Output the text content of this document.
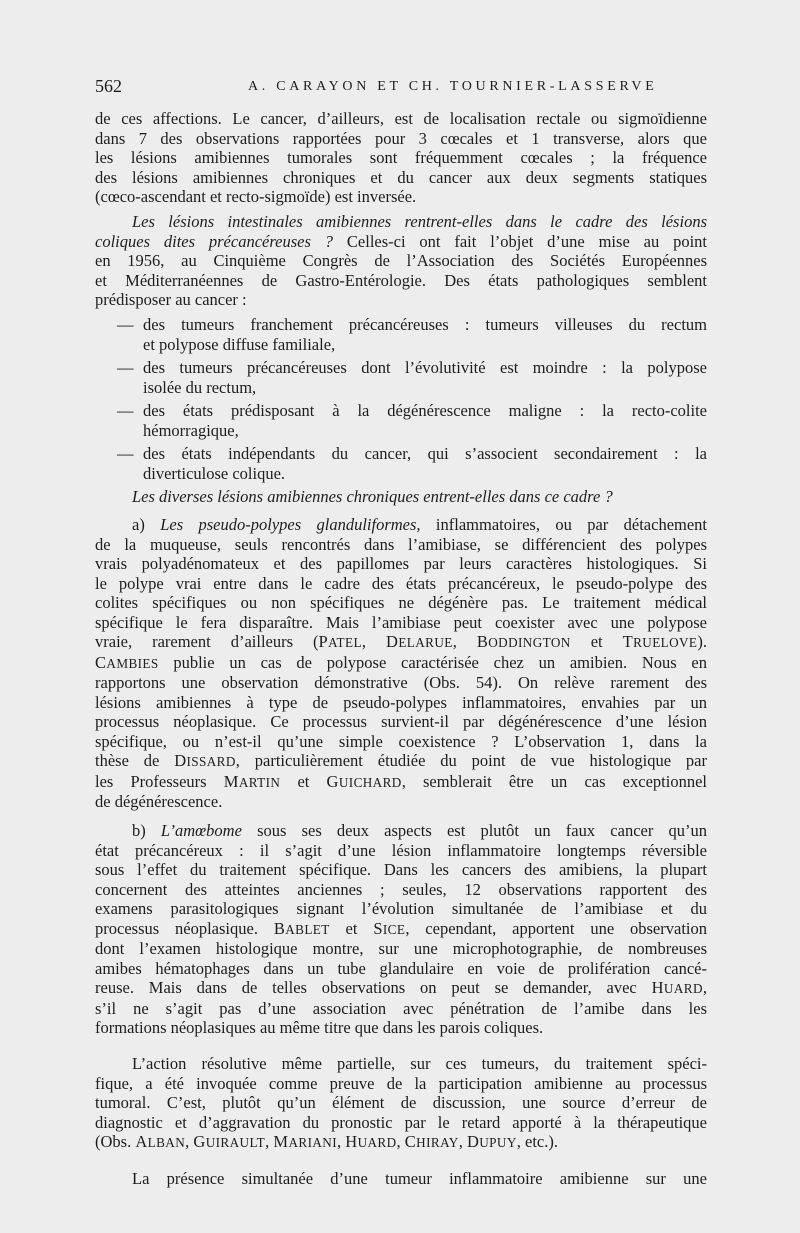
562	A. CARAYON ET CH. TOURNIER-LASSERVE
de ces affections. Le cancer, d’ailleurs, est de localisation rectale ou sigmoïdienne
dans 7 des observations rapportées pour 3 cœcales et 1 transverse, alors que
les lésions amibiennes tumorales sont fréquemment cœcales ; la fréquence
des lésions amibiennes chroniques et du cancer aux deux segments statiques
(cœco-ascendant et recto-sigmoïde) est inversée.
Les lésions intestinales amibiennes rentrent-elles dans le cadre des lésions
coliques dites précancéreuses ? Celles-ci ont fait l’objet d’une mise au point
en 1956, au Cinquième Congrès de l’Association des Sociétés Européennes
et Méditerranéennes de Gastro-Entérologie. Des états pathologiques semblent
prédisposer au cancer :
— des tumeurs franchement précancéreuses : tumeurs villeuses du rectum
et polypose diffuse familiale,
— des tumeurs précancéreuses dont l’évolutivité est moindre : la polypose
isolée du rectum,
— des états prédisposant à la dégénérescence maligne : la recto-colite
hémorragique,
— des états indépendants du cancer, qui s’associent secondairement : la
diverticulose colique.
Les diverses lésions amibiennes chroniques entrent-elles dans ce cadre ?
a) Les pseudo-polypes glanduliformes, inflammatoires, ou par détachement
de la muqueuse, seuls rencontrés dans l’amibiase, se différencient des polypes
vrais polyadénomateux et des papillomes par leurs caractères histologiques. Si
le polype vrai entre dans le cadre des états précancéreux, le pseudo-polype des
colites spécifiques ou non spécifiques ne dégénère pas. Le traitement médical
spécifique le fera disparaître. Mais l’amibiase peut coexister avec une polypose
vraie, rarement d’ailleurs (PATEL, DELARUE, BODDINGTON et TRUELOVE).
CAMBIES publie un cas de polypose caractérisée chez un amibien. Nous en
rapportons une observation démonstrative (Obs. 54). On relève rarement des
lésions amibiennes à type de pseudo-polypes inflammatoires, envahies par un
processus néoplasique. Ce processus survient-il par dégénérescence d’une lésion
spécifique, ou n’est-il qu’une simple coexistence ? L’observation 1, dans la
thèse de DISSARD, particulièrement étudiée du point de vue histologique par
les Professeurs MARTIN et GUICHARD, semblerait être un cas exceptionnel
de dégénérescence.
b) L’amœbome sous ses deux aspects est plutôt un faux cancer qu’un
état précancéreux : il s’agit d’une lésion inflammatoire longtemps réversible
sous l’effet du traitement spécifique. Dans les cancers des amibiens, la plupart
concernent des atteintes anciennes ; seules, 12 observations rapportent des
examens parasitologiques signant l’évolution simultanée de l’amibiase et du
processus néoplasique. BABLET et SICE, cependant, apportent une observation
dont l’examen histologique montre, sur une microphotographie, de nombreuses
amibes hématophages dans un tube glandulaire en voie de prolifération cancé-
reuse. Mais dans de telles observations on peut se demander, avec HUARD,
s’il ne s’agit pas d’une association avec pénétration de l’amibe dans les
formations néoplasiques au même titre que dans les parois coliques.
L’action résolutive même partielle, sur ces tumeurs, du traitement spéci-
fique, a été invoquée comme preuve de la participation amibienne au processus
tumoral. C’est, plutôt qu’un élément de discussion, une source d’erreur de
diagnostic et d’aggravation du pronostic par le retard apporté à la thérapeutique
(Obs. ALBAN, GUIRAULT, MARIANI, HUARD, CHIRAY, DUPUY, etc.).
La présence simultanée d’une tumeur inflammatoire amibienne sur une
